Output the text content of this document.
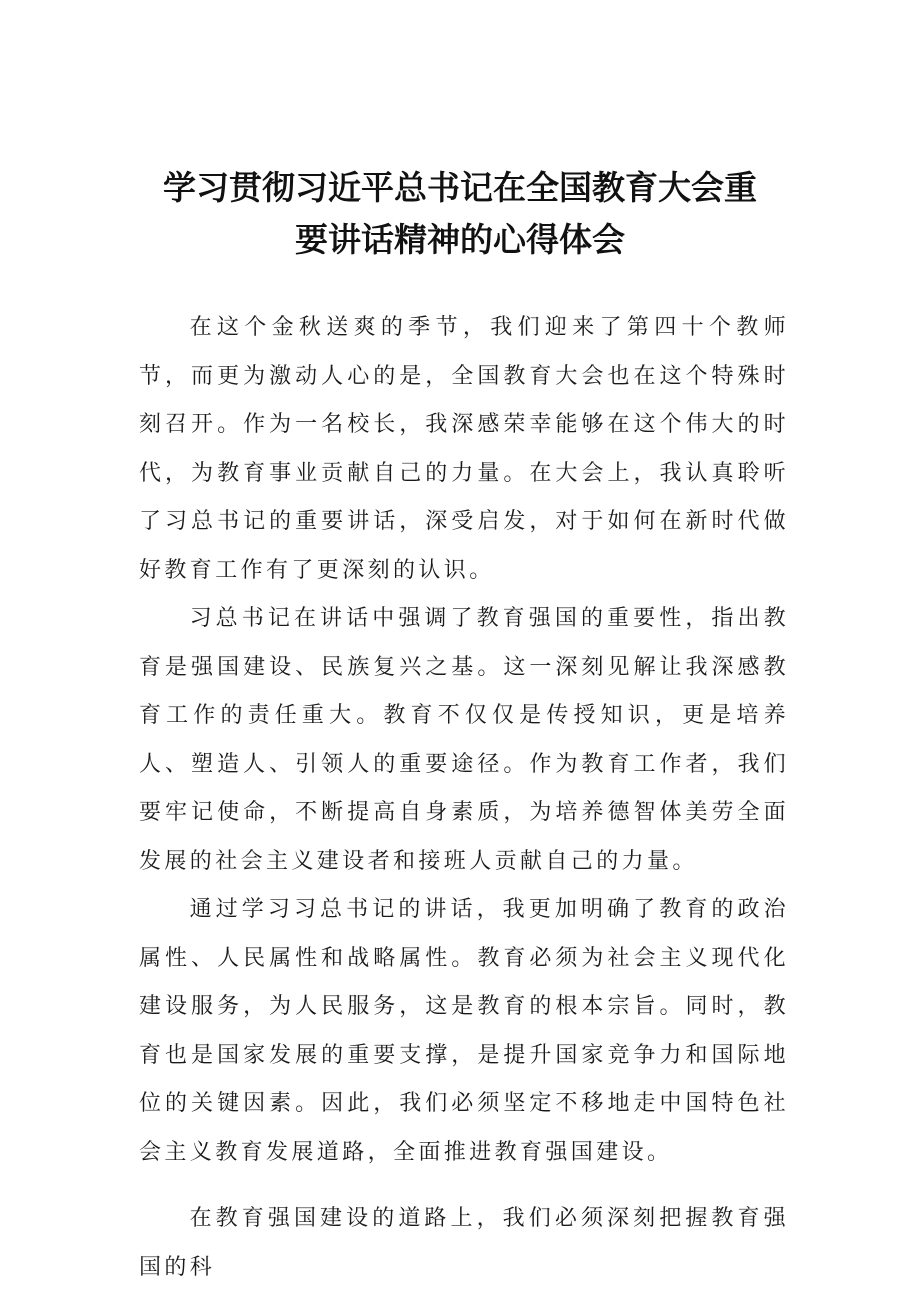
学习贯彻习近平总书记在全国教育大会重
要讲话精神的心得体会

在这个金秋送爽的季节，我们迎来了第四十个教师节，而更为激动人心的是，全国教育大会也在这个特殊时刻召开。作为一名校长，我深感荣幸能够在这个伟大的时代，为教育事业贡献自己的力量。在大会上，我认真聆听了习总书记的重要讲话，深受启发，对于如何在新时代做好教育工作有了更深刻的认识。

习总书记在讲话中强调了教育强国的重要性，指出教育是强国建设、民族复兴之基。这一深刻见解让我深感教育工作的责任重大。教育不仅仅是传授知识，更是培养人、塑造人、引领人的重要途径。作为教育工作者，我们要牢记使命，不断提高自身素质，为培养德智体美劳全面发展的社会主义建设者和接班人贡献自己的力量。

通过学习习总书记的讲话，我更加明确了教育的政治属性、人民属性和战略属性。教育必须为社会主义现代化建设服务，为人民服务，这是教育的根本宗旨。同时，教育也是国家发展的重要支撑，是提升国家竞争力和国际地位的关键因素。因此，我们必须坚定不移地走中国特色社会主义教育发展道路，全面推进教育强国建设。

在教育强国建设的道路上，我们必须深刻把握教育强国的科
